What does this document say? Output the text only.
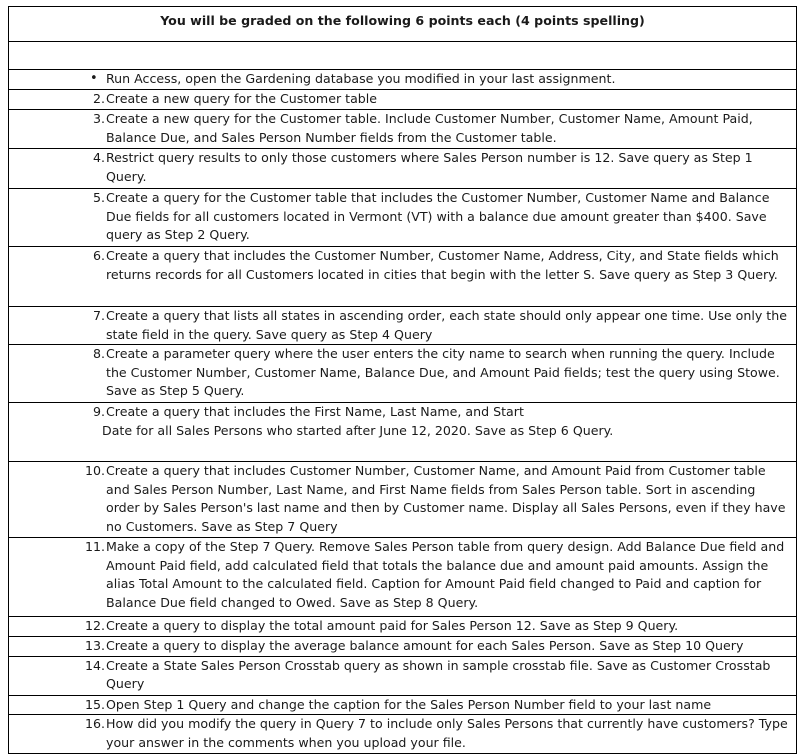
You will be graded on the following 6 points each (4 points spelling)

• Run Access, open the Gardening database you modified in your last assignment.

2. Create a new query for the Customer table

3. Create a new query for the Customer table. Include Customer Number, Customer Name, Amount Paid, Balance Due, and Sales Person Number fields from the Customer table.

4. Restrict query results to only those customers where Sales Person number is 12. Save query as Step 1 Query.

5. Create a query for the Customer table that includes the Customer Number, Customer Name and Balance Due fields for all customers located in Vermont (VT) with a balance due amount greater than $400. Save query as Step 2 Query.

6. Create a query that includes the Customer Number, Customer Name, Address, City, and State fields which returns records for all Customers located in cities that begin with the letter S. Save query as Step 3 Query.

7. Create a query that lists all states in ascending order, each state should only appear one time. Use only the state field in the query. Save query as Step 4 Query

8. Create a parameter query where the user enters the city name to search when running the query. Include the Customer Number, Customer Name, Balance Due, and Amount Paid fields; test the query using Stowe. Save as Step 5 Query.

9. Create a query that includes the First Name, Last Name, and Start
Date for all Sales Persons who started after June 12, 2020. Save as Step 6 Query.

10. Create a query that includes Customer Number, Customer Name, and Amount Paid from Customer table and Sales Person Number, Last Name, and First Name fields from Sales Person table. Sort in ascending order by Sales Person's last name and then by Customer name. Display all Sales Persons, even if they have no Customers. Save as Step 7 Query

11. Make a copy of the Step 7 Query. Remove Sales Person table from query design. Add Balance Due field and Amount Paid field, add calculated field that totals the balance due and amount paid amounts. Assign the alias Total Amount to the calculated field. Caption for Amount Paid field changed to Paid and caption for Balance Due field changed to Owed. Save as Step 8 Query.

12. Create a query to display the total amount paid for Sales Person 12. Save as Step 9 Query.

13. Create a query to display the average balance amount for each Sales Person. Save as Step 10 Query

14. Create a State Sales Person Crosstab query as shown in sample crosstab file. Save as Customer Crosstab Query

15. Open Step 1 Query and change the caption for the Sales Person Number field to your last name

16. How did you modify the query in Query 7 to include only Sales Persons that currently have customers? Type your answer in the comments when you upload your file.
